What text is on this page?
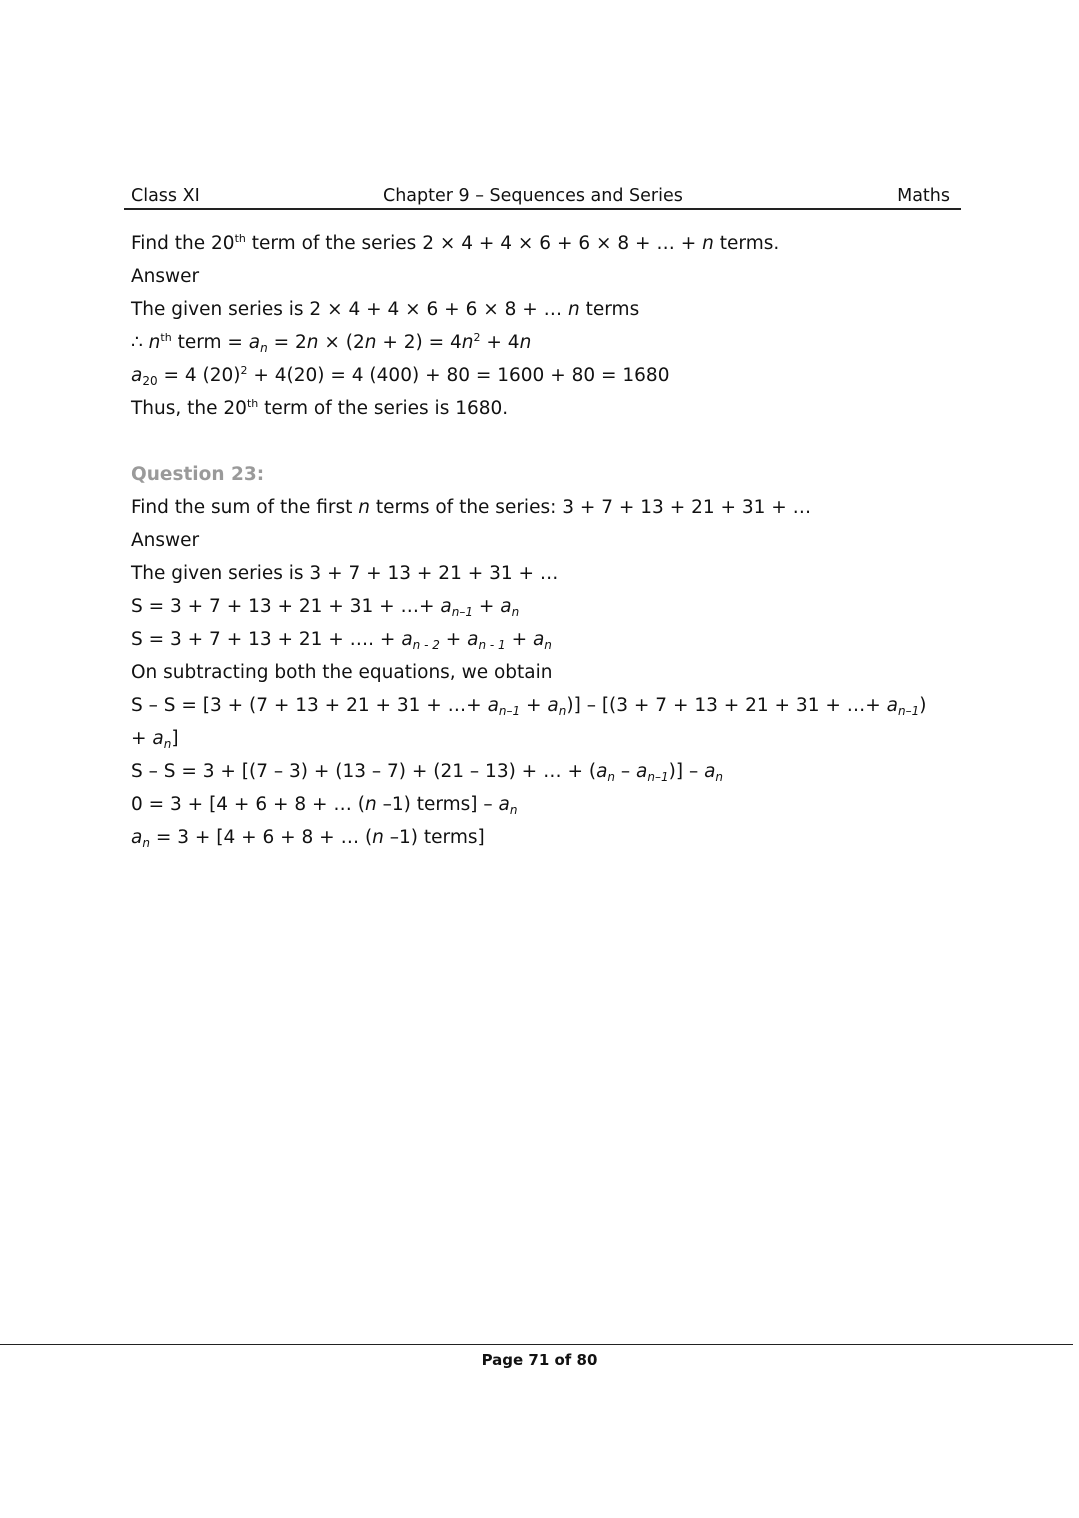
Class XI	Chapter 9 – Sequences and Series	Maths
Find the 20th term of the series 2 × 4 + 4 × 6 + 6 × 8 + … + n terms.
Answer
The given series is 2 × 4 + 4 × 6 + 6 × 8 + … n terms
∴ $n^{th}$ term = $a_n = 2n \times (2n + 2) = 4n^2 + 4n$
$a_{20} = 4$ $(20)^2 + 4(20) = 4$ (400) + 80 = 1600 + 80 = 1680
Thus, the 20th term of the series is 1680.
Question 23:
Find the sum of the first n terms of the series: 3 + 7 + 13 + 21 + 31 + …
Answer
The given series is 3 + 7 + 13 + 21 + 31 + …
S = 3 + 7 + 13 + 21 + 31 + …+ $a_{n-1} + a_n$
S = 3 + 7 + 13 + 21 + …. + $a_{n - 2} + a_{n - 1} + a_n$
On subtracting both the equations, we obtain
S – S = [3 + (7 + 13 + 21 + 31 + …+ $a_{n-1} + a_n)] - [(3 + 7 + 13 + 21 + 31$ + …+ $a_{n-1}$)
+ $a_n$]
S – S = 3 + [(7 – 3) + (13 – 7) + (21 – 13) + … + $(a_n - a_{n-1})] - a_n$
0 = 3 + [4 + 6 + 8 + … (n –1) terms] – $a_n$
$a_n = 3 + [4 + 6 + 8$ + … (n –1) terms]
Page 71 of 80
